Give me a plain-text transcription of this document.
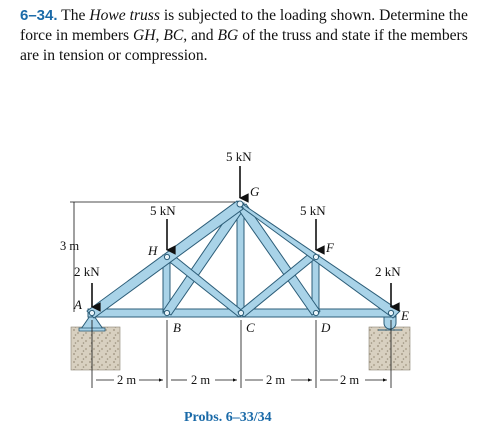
6–34. The Howe truss is subjected to the loading shown. Determine the force in members GH, BC, and BG of the truss and state if the members are in tension or compression.
5 kN
5 kN	5 kN
2 kN	2 kN
G
H	F
A
B	C	D
E
3 m
2 m	2 m	2 m	2 m
Probs. 6–33/34
